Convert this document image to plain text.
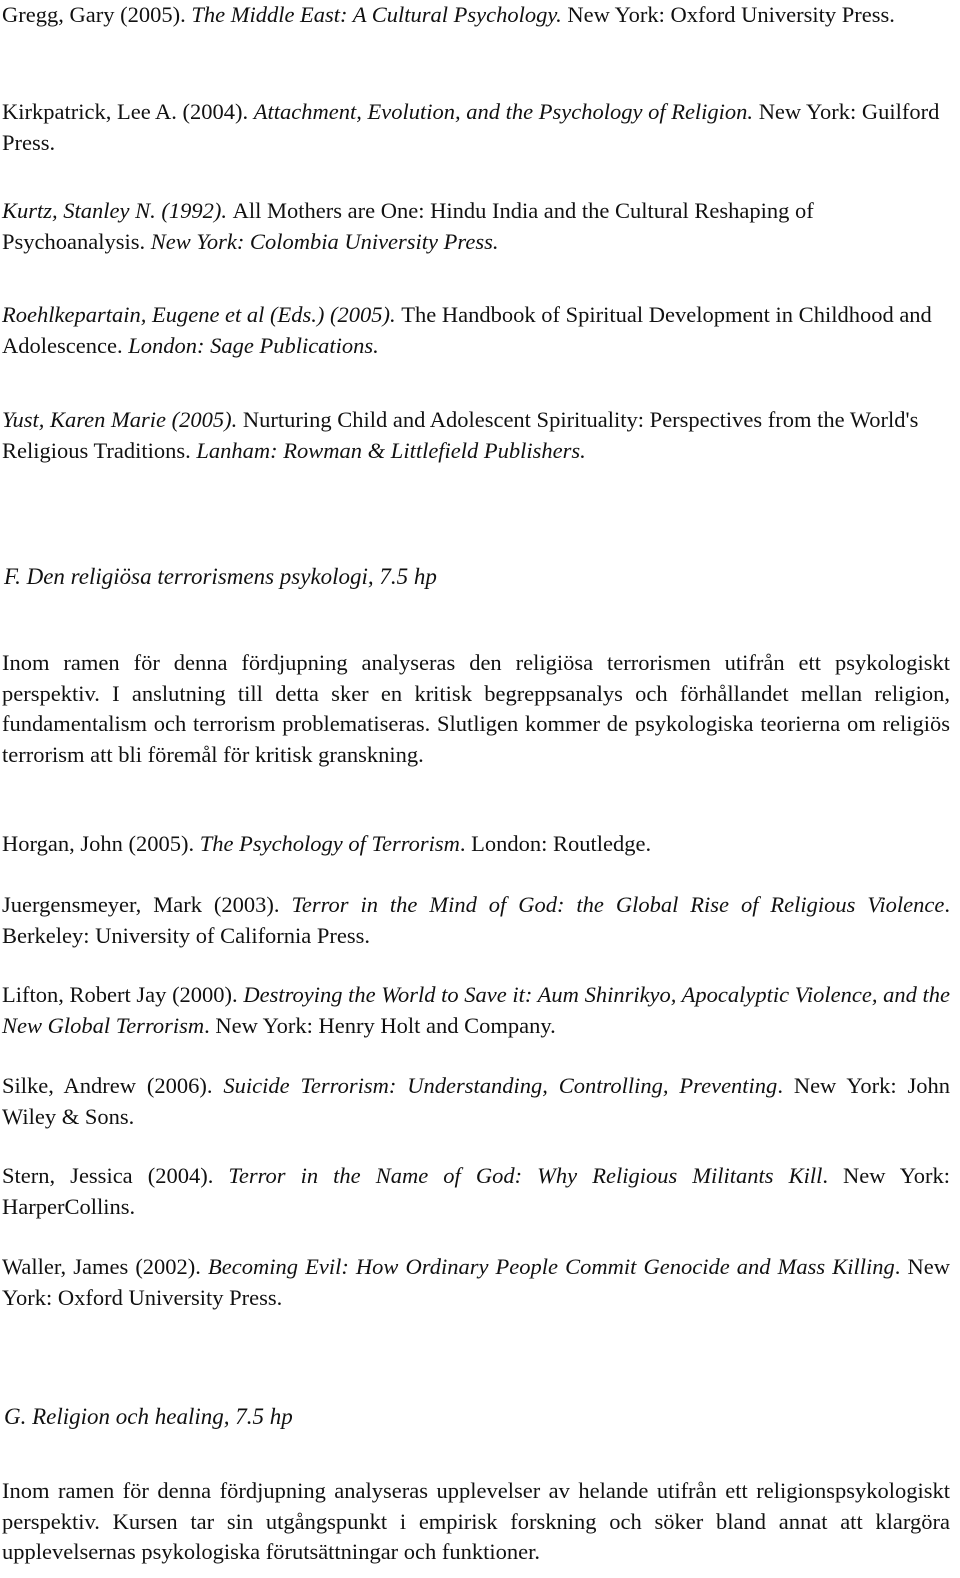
Gregg, Gary (2005). The Middle East: A Cultural Psychology. New York: Oxford University Press.

Kirkpatrick, Lee A. (2004). Attachment, Evolution, and the Psychology of Religion. New York: Guilford Press.

Kurtz, Stanley N. (1992). All Mothers are One: Hindu India and the Cultural Reshaping of Psychoanalysis. New York: Colombia University Press.

Roehlkepartain, Eugene et al (Eds.) (2005). The Handbook of Spiritual Development in Childhood and Adolescence. London: Sage Publications.

Yust, Karen Marie (2005). Nurturing Child and Adolescent Spirituality: Perspectives from the World's Religious Traditions. Lanham: Rowman & Littlefield Publishers.

F. Den religiösa terrorismens psykologi, 7.5 hp

Inom ramen för denna fördjupning analyseras den religiösa terrorismen utifrån ett psykologiskt perspektiv. I anslutning till detta sker en kritisk begreppsanalys och förhållandet mellan religion, fundamentalism och terrorism problematiseras. Slutligen kommer de psykologiska teorierna om religiös terrorism att bli föremål för kritisk granskning.

Horgan, John (2005). The Psychology of Terrorism. London: Routledge.

Juergensmeyer, Mark (2003). Terror in the Mind of God: the Global Rise of Religious Violence. Berkeley: University of California Press.

Lifton, Robert Jay (2000). Destroying the World to Save it: Aum Shinrikyo, Apocalyptic Violence, and the New Global Terrorism. New York: Henry Holt and Company.

Silke, Andrew (2006). Suicide Terrorism: Understanding, Controlling, Preventing. New York: John Wiley & Sons.

Stern, Jessica (2004). Terror in the Name of God: Why Religious Militants Kill. New York: HarperCollins.

Waller, James (2002). Becoming Evil: How Ordinary People Commit Genocide and Mass Killing. New York: Oxford University Press.

G. Religion och healing, 7.5 hp

Inom ramen för denna fördjupning analyseras upplevelser av helande utifrån ett religionspsykologiskt perspektiv. Kursen tar sin utgångspunkt i empirisk forskning och söker bland annat att klargöra upplevelsernas psykologiska förutsättningar och funktioner.
